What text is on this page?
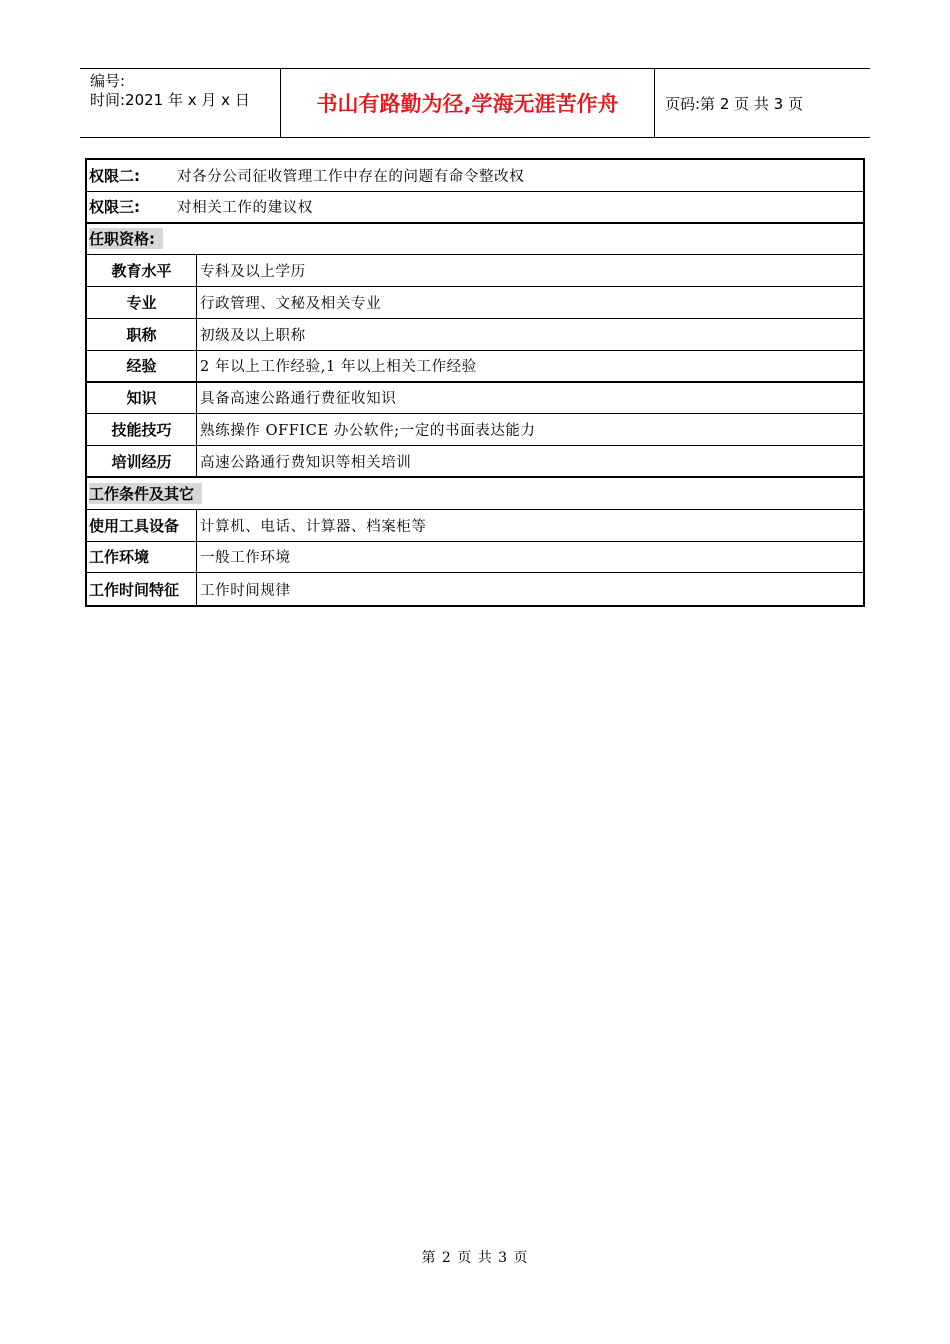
编号:
时间:2021 年 x 月 x 日	书山有路勤为径,学海无涯苦作舟	页码:第 2 页 共 3 页
权限二:	对各分公司征收管理工作中存在的问题有命令整改权
权限三:	对相关工作的建议权
任职资格:
教育水平	专科及以上学历
专业	行政管理、文秘及相关专业
职称	初级及以上职称
经验	2 年以上工作经验,1 年以上相关工作经验
知识	具备高速公路通行费征收知识
技能技巧	熟练操作 OFFICE 办公软件;一定的书面表达能力
培训经历	高速公路通行费知识等相关培训
工作条件及其它
使用工具设备	计算机、电话、计算器、档案柜等
工作环境	一般工作环境
工作时间特征	工作时间规律
第 2 页 共 3 页
